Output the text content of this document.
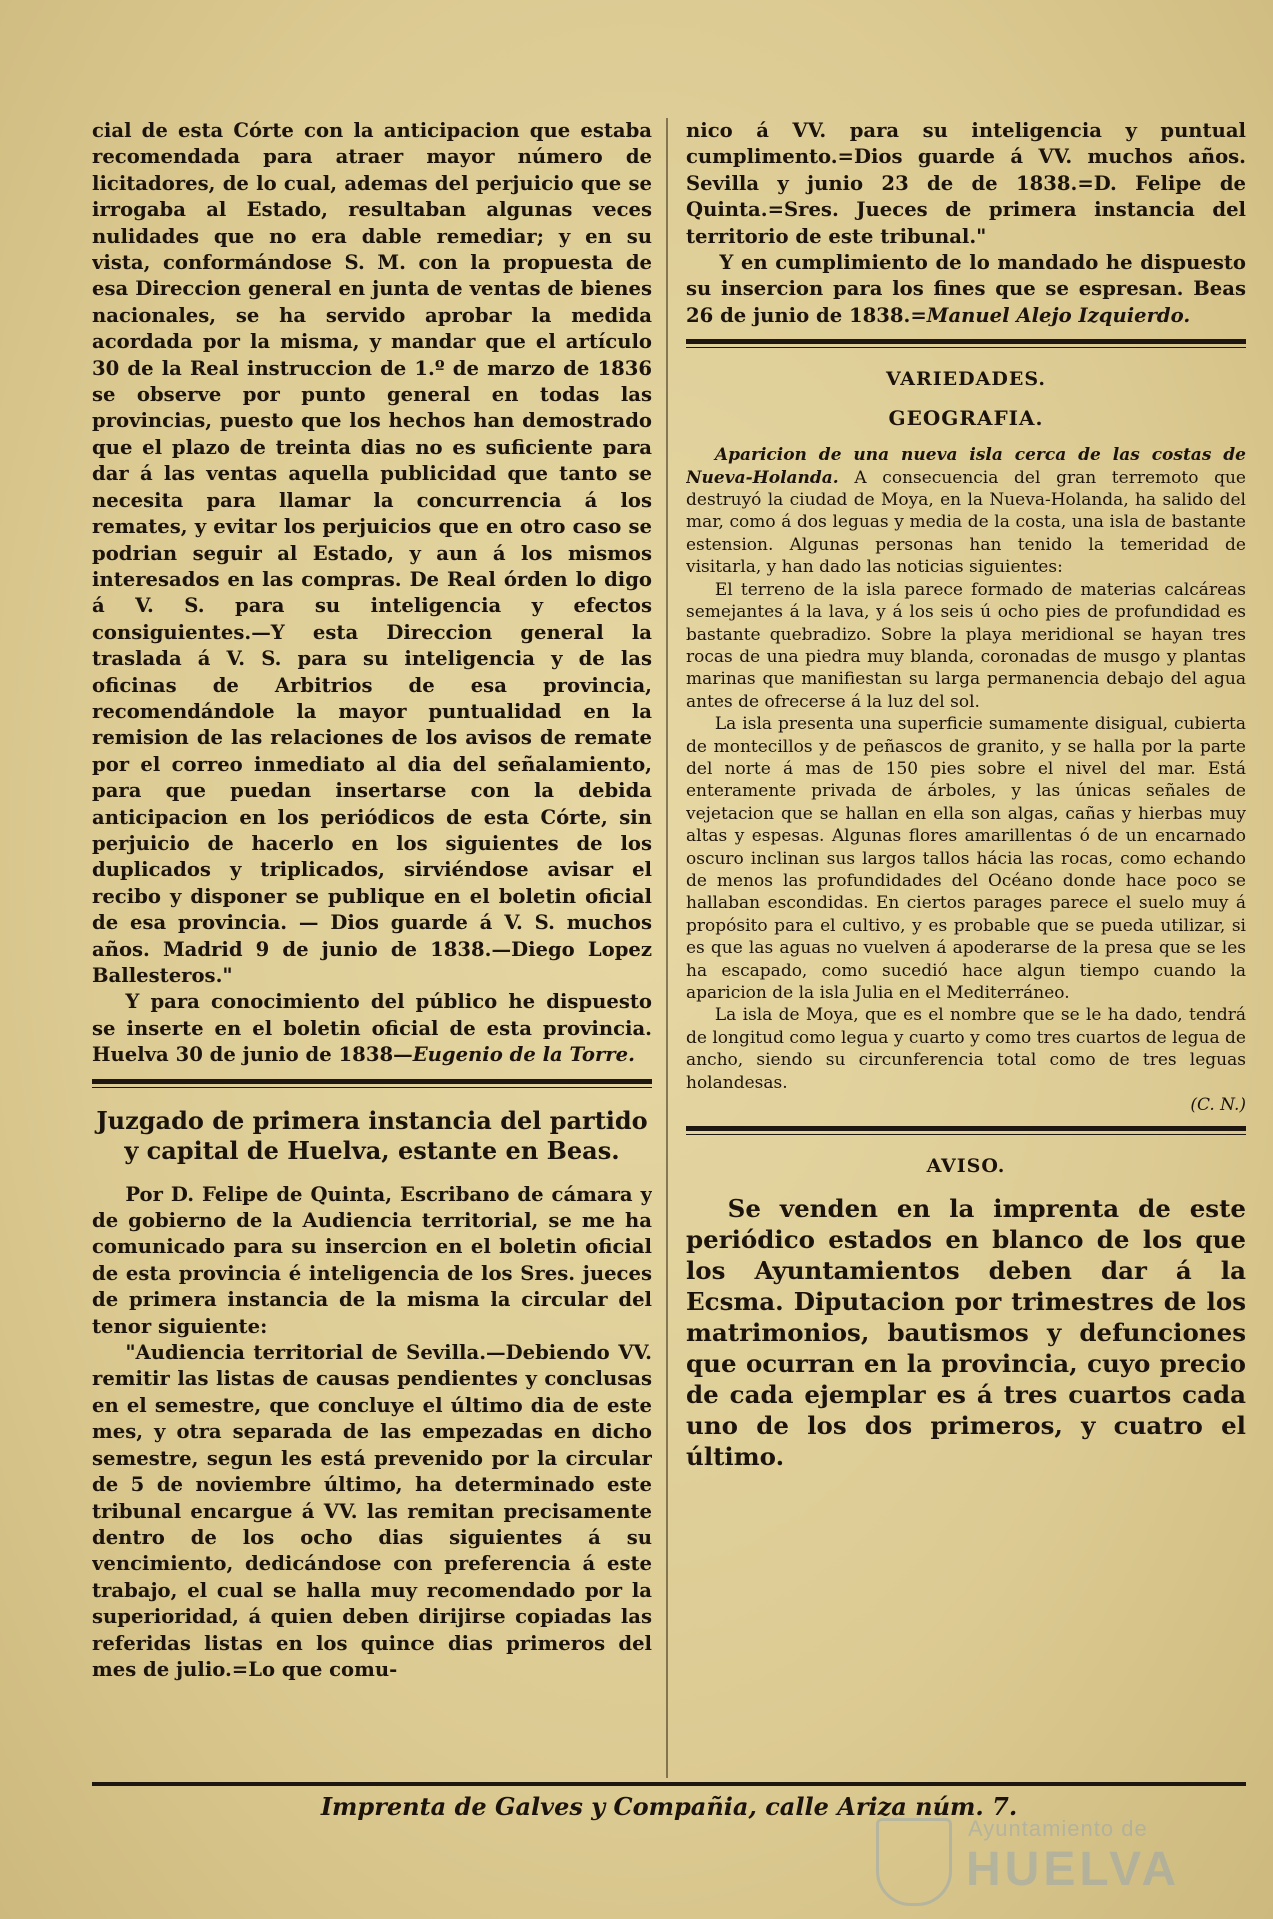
cial de esta Córte con la anticipacion que estaba recomendada para atraer mayor número de licitadores, de lo cual, ademas del perjuicio que se irrogaba al Estado, resultaban algunas veces nulidades que no era dable remediar; y en su vista, conformándose S. M. con la propuesta de esa Direccion general en junta de ventas de bienes nacionales, se ha servido aprobar la medida acordada por la misma, y mandar que el artículo 30 de la Real instruccion de 1.º de marzo de 1836 se observe por punto general en todas las provincias, puesto que los hechos han demostrado que el plazo de treinta dias no es suficiente para dar á las ventas aquella publicidad que tanto se necesita para llamar la concurrencia á los remates, y evitar los perjuicios que en otro caso se podrian seguir al Estado, y aun á los mismos interesados en las compras. De Real órden lo digo á V. S. para su inteligencia y efectos consiguientes.—Y esta Direccion general la traslada á V. S. para su inteligencia y de las oficinas de Arbitrios de esa provincia, recomendándole la mayor puntualidad en la remision de las relaciones de los avisos de remate por el correo inmediato al dia del señalamiento, para que puedan insertarse con la debida anticipacion en los periódicos de esta Córte, sin perjuicio de hacerlo en los siguientes de los duplicados y triplicados, sirviéndose avisar el recibo y disponer se publique en el boletin oficial de esa provincia. — Dios guarde á V. S. muchos años. Madrid 9 de junio de 1838.—Diego Lopez Ballesteros."

Y para conocimiento del público he dispuesto se inserte en el boletin oficial de esta provincia. Huelva 30 de junio de 1838—Eugenio de la Torre.

Juzgado de primera instancia del partido y capital de Huelva, estante en Beas.

Por D. Felipe de Quinta, Escribano de cámara y de gobierno de la Audiencia territorial, se me ha comunicado para su insercion en el boletin oficial de esta provincia é inteligencia de los Sres. jueces de primera instancia de la misma la circular del tenor siguiente:

"Audiencia territorial de Sevilla.—Debiendo VV. remitir las listas de causas pendientes y conclusas en el semestre, que concluye el último dia de este mes, y otra separada de las empezadas en dicho semestre, segun les está prevenido por la circular de 5 de noviembre último, ha determinado este tribunal encargue á VV. las remitan precisamente dentro de los ocho dias siguientes á su vencimiento, dedicándose con preferencia á este trabajo, el cual se halla muy recomendado por la superioridad, á quien deben dirijirse copiadas las referidas listas en los quince dias primeros del mes de julio.=Lo que comu-

nico á VV. para su inteligencia y puntual cumplimento.=Dios guarde á VV. muchos años. Sevilla y junio 23 de de 1838.=D. Felipe de Quinta.=Sres. Jueces de primera instancia del territorio de este tribunal."

Y en cumplimiento de lo mandado he dispuesto su insercion para los fines que se espresan. Beas 26 de junio de 1838.=Manuel Alejo Izquierdo.

VARIEDADES.
GEOGRAFIA.

Aparicion de una nueva isla cerca de las costas de Nueva-Holanda. A consecuencia del gran terremoto que destruyó la ciudad de Moya, en la Nueva-Holanda, ha salido del mar, como á dos leguas y media de la costa, una isla de bastante estension. Algunas personas han tenido la temeridad de visitarla, y han dado las noticias siguientes:

El terreno de la isla parece formado de materias calcáreas semejantes á la lava, y á los seis ú ocho pies de profundidad es bastante quebradizo. Sobre la playa meridional se hayan tres rocas de una piedra muy blanda, coronadas de musgo y plantas marinas que manifiestan su larga permanencia debajo del agua antes de ofrecerse á la luz del sol.

La isla presenta una superficie sumamente disigual, cubierta de montecillos y de peñascos de granito, y se halla por la parte del norte á mas de 150 pies sobre el nivel del mar. Está enteramente privada de árboles, y las únicas señales de vejetacion que se hallan en ella son algas, cañas y hierbas muy altas y espesas. Algunas flores amarillentas ó de un encarnado oscuro inclinan sus largos tallos hácia las rocas, como echando de menos las profundidades del Océano donde hace poco se hallaban escondidas. En ciertos parages parece el suelo muy á propósito para el cultivo, y es probable que se pueda utilizar, si es que las aguas no vuelven á apoderarse de la presa que se les ha escapado, como sucedió hace algun tiempo cuando la aparicion de la isla Julia en el Mediterráneo.

La isla de Moya, que es el nombre que se le ha dado, tendrá de longitud como legua y cuarto y como tres cuartos de legua de ancho, siendo su circunferencia total como de tres leguas holandesas.

(C. N.)

AVISO.

Se venden en la imprenta de este periódico estados en blanco de los que los Ayuntamientos deben dar á la Ecsma. Diputacion por trimestres de los matrimonios, bautismos y defunciones que ocurran en la provincia, cuyo precio de cada ejemplar es á tres cuartos cada uno de los dos primeros, y cuatro el último.

Imprenta de Galves y Compañia, calle Ariza núm. 7.
Ayuntamiento de
HUELVA
